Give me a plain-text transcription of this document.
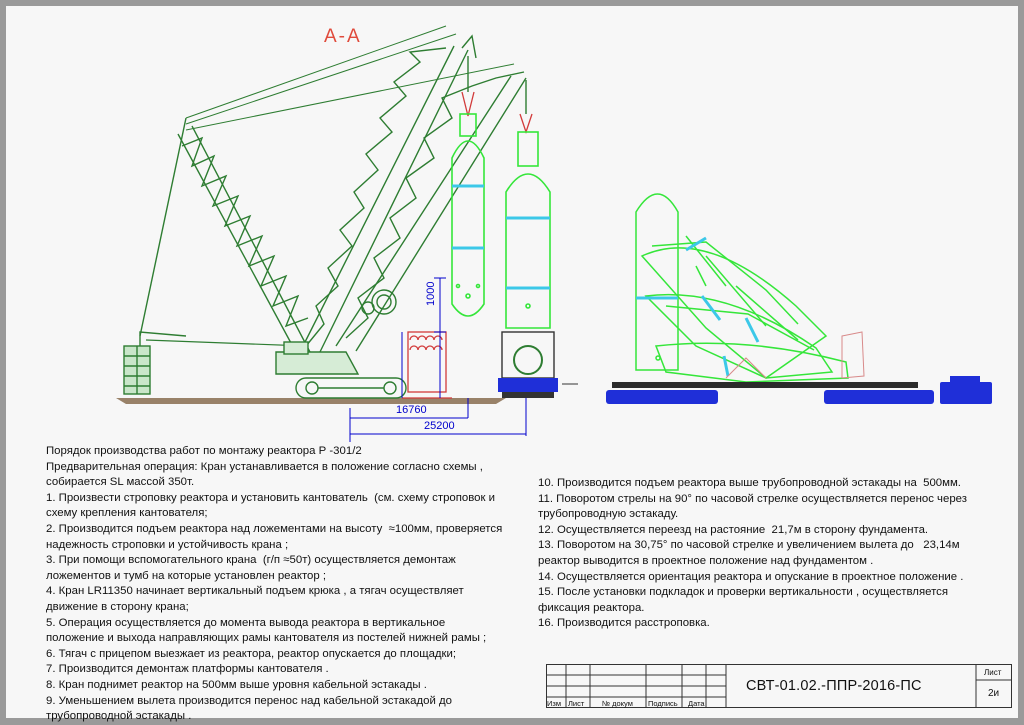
A-A
1000
16760
25200
Порядок производства работ по монтажу реактора Р -301/2
Предварительная операция: Кран устанавливается в положение согласно схемы ,
собирается SL массой 350т.
1. Произвести строповку реактора и установить кантователь  (см. схему строповок и
схему крепления кантователя;
2. Производится подъем реактора над ложементами на высоту  ≈100мм, проверяется
надежность строповки и устойчивость крана ;
3. При помощи вспомогательного крана  (г/п ≈50т) осуществляется демонтаж
ложементов и тумб на которые установлен реактор ;
4. Кран LR11350 начинает вертикальный подъем крюка , а тягач осуществляет
движение в сторону крана;
5. Операция осуществляется до момента вывода реактора в вертикальное
положение и выхода направляющих рамы кантователя из постелей нижней рамы ;
6. Тягач с прицепом выезжает из реактора, реактор опускается до площадки;
7. Производится демонтаж платформы кантователя .
8. Кран поднимет реактор на 500мм выше уровня кабельной эстакады .
9. Уменьшением вылета производится перенос над кабельной эстакадой до
трубопроводной эстакады .
10. Производится подъем реактора выше трубопроводной эстакады на  500мм.
11. Поворотом стрелы на 90° по часовой стрелке осуществляется перенос через
трубопроводную эстакаду.
12. Осуществляется переезд на растояние  21,7м в сторону фундамента.
13. Поворотом на 30,75° по часовой стрелке и увеличением вылета до   23,14м
реактор выводится в проектное положение над фундаментом .
14. Осуществляется ориентация реактора и опускание в проектное положение .
15. После установки подкладок и проверки вертикальности , осуществляется
фиксация реактора.
16. Производится расстроповка.
Изм Лист № докум Подпись Дата
СВТ-01.02.-ППР-2016-ПС
Лист
2и
